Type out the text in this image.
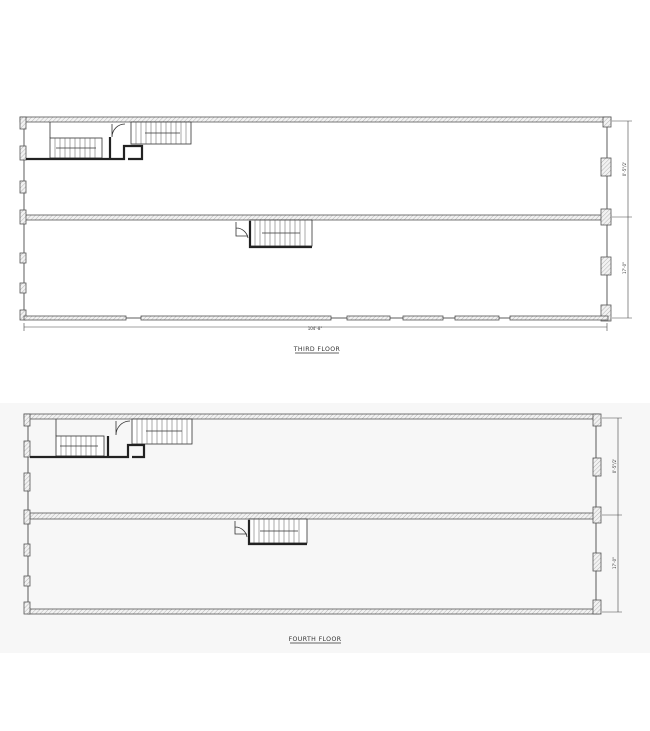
104'-8"
0'-5"/2'
17'-0"
0'-5"/2'
17'-0"
THIRD FLOOR
FOURTH FLOOR
